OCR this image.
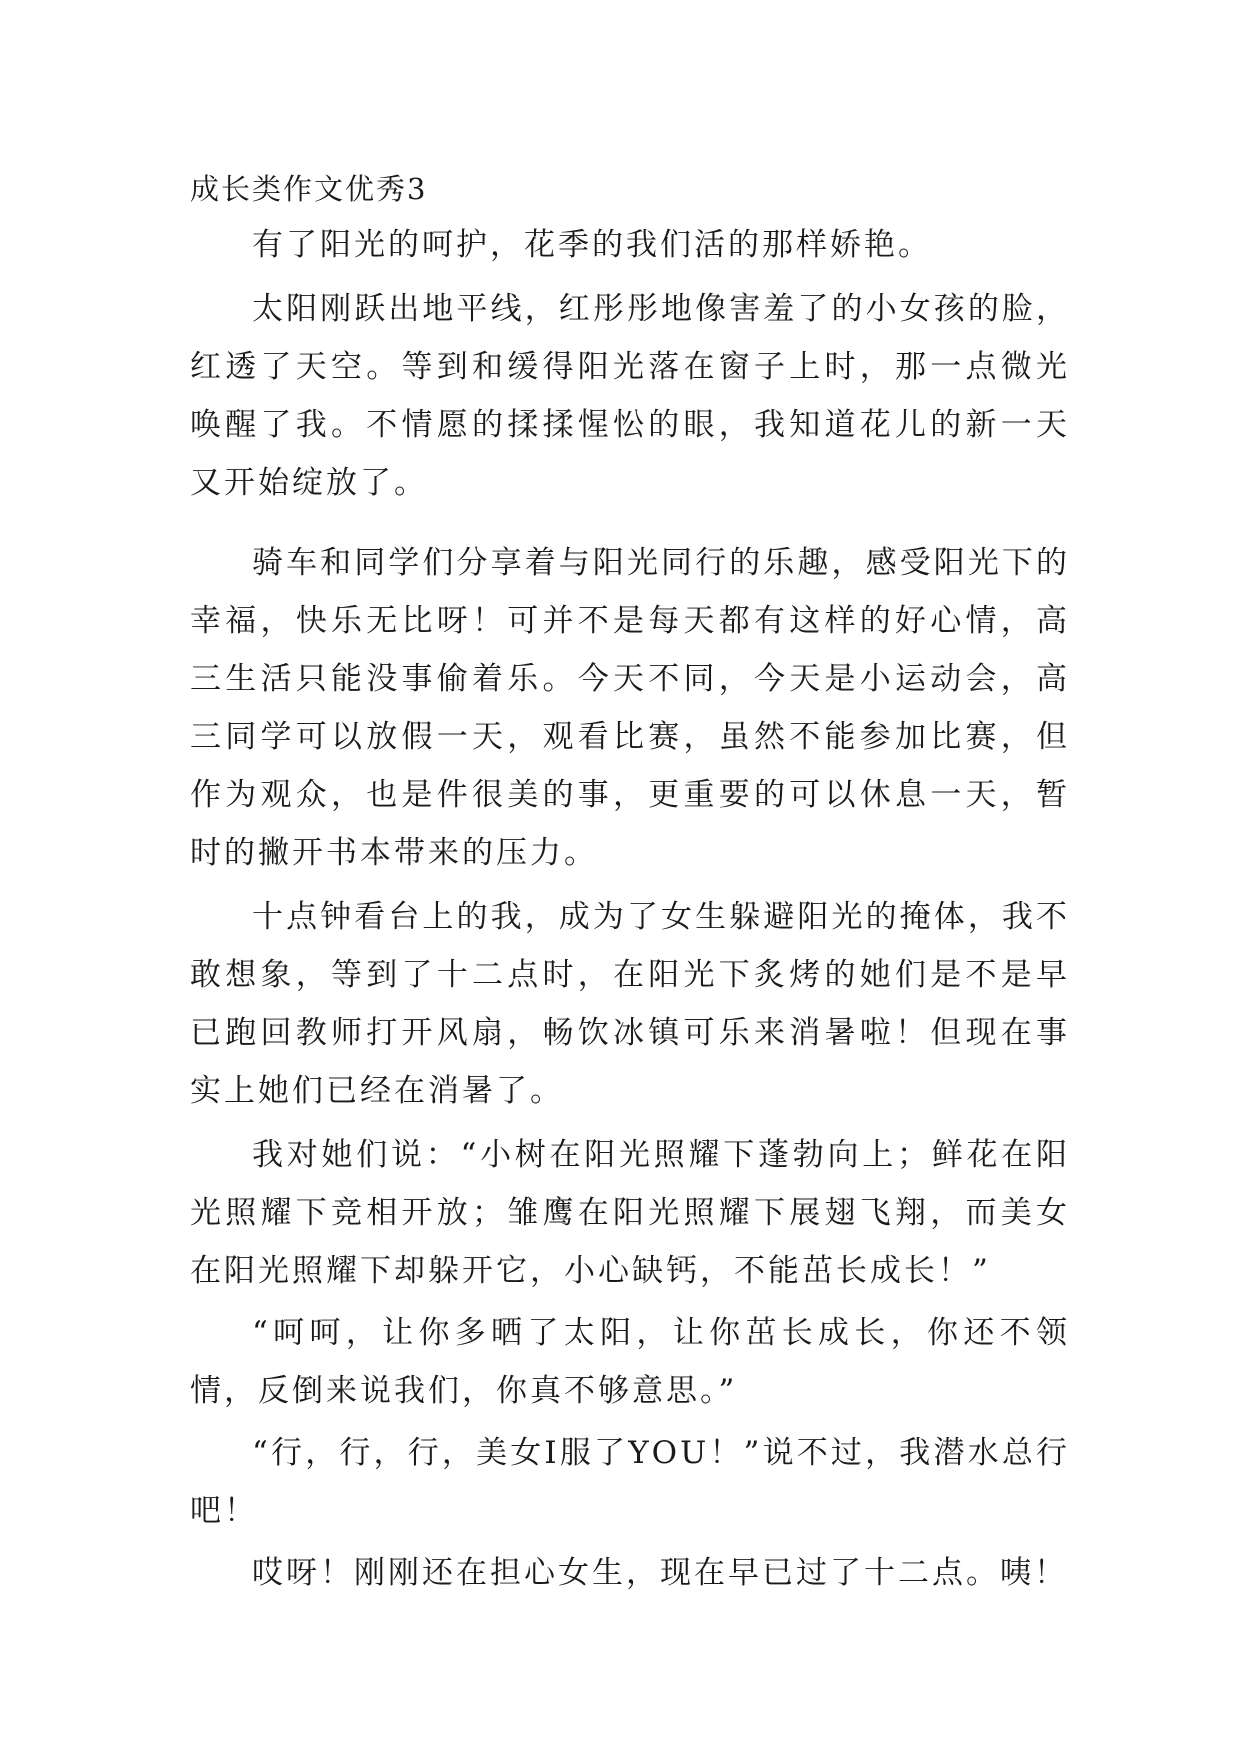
成长类作文优秀3

有了阳光的呵护，花季的我们活的那样娇艳。

太阳刚跃出地平线，红彤彤地像害羞了的小女孩的脸，红透了天空。等到和缓得阳光落在窗子上时，那一点微光唤醒了我。不情愿的揉揉惺忪的眼，我知道花儿的新一天又开始绽放了。

骑车和同学们分享着与阳光同行的乐趣，感受阳光下的幸福，快乐无比呀！可并不是每天都有这样的好心情，高三生活只能没事偷着乐。今天不同，今天是小运动会，高三同学可以放假一天，观看比赛，虽然不能参加比赛，但作为观众，也是件很美的事，更重要的可以休息一天，暂时的撇开书本带来的压力。

十点钟看台上的我，成为了女生躲避阳光的掩体，我不敢想象，等到了十二点时，在阳光下炙烤的她们是不是早已跑回教师打开风扇，畅饮冰镇可乐来消暑啦！但现在事实上她们已经在消暑了。

我对她们说：“小树在阳光照耀下蓬勃向上；鲜花在阳光照耀下竞相开放；雏鹰在阳光照耀下展翅飞翔，而美女在阳光照耀下却躲开它，小心缺钙，不能茁长成长！”

“呵呵，让你多晒了太阳，让你茁长成长，你还不领情，反倒来说我们，你真不够意思。”

“行，行，行，美女I服了YOU！”说不过，我潜水总行吧！

哎呀！刚刚还在担心女生，现在早已过了十二点。咦！
